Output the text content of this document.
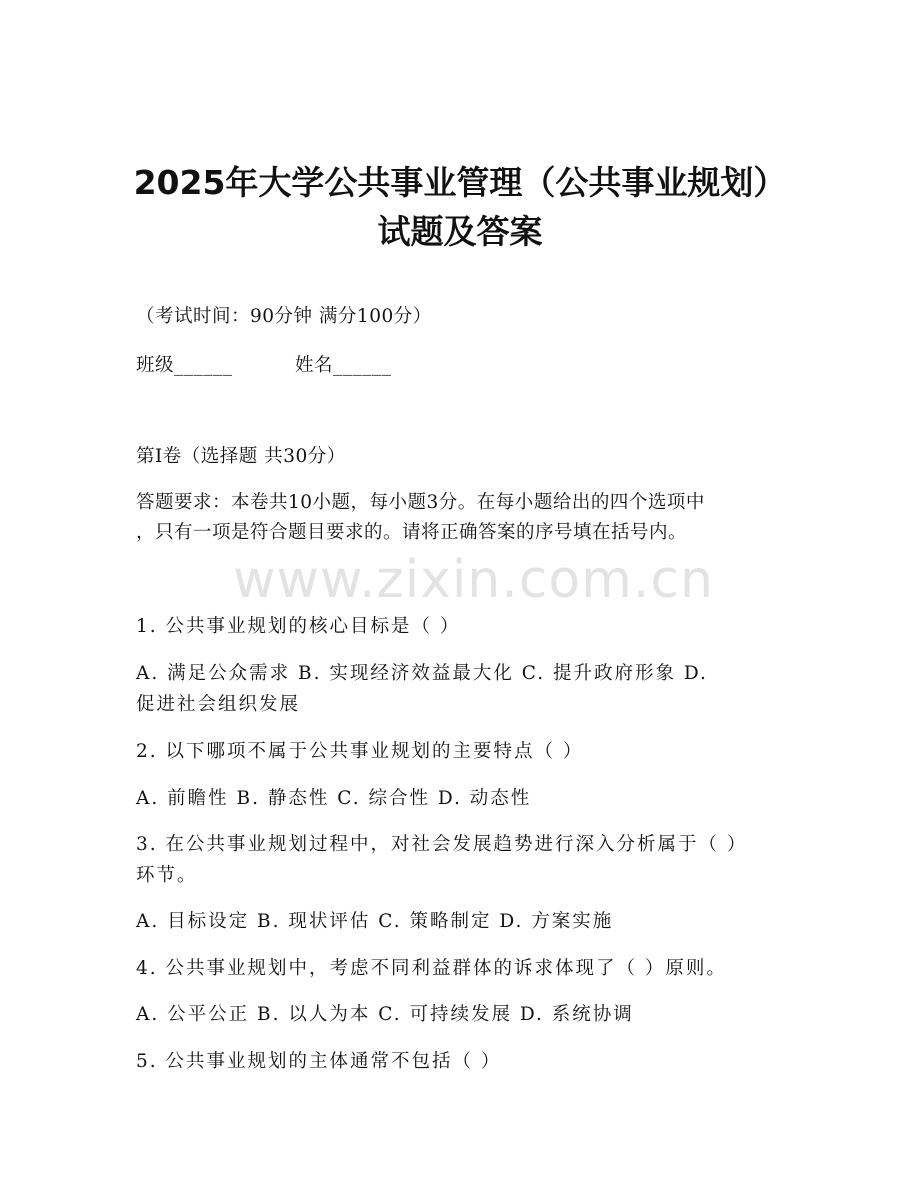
www.zixin.com.cn
2025年大学公共事业管理（公共事业规划）
试题及答案
（考试时间：90分钟 满分100分）
班级______	姓名______
第I卷（选择题 共30分）
答题要求：本卷共10小题，每小题3分。在每小题给出的四个选项中
，只有一项是符合题目要求的。请将正确答案的序号填在括号内。
1. 公共事业规划的核心目标是（ ）
A. 满足公众需求 B. 实现经济效益最大化 C. 提升政府形象 D.
促进社会组织发展
2. 以下哪项不属于公共事业规划的主要特点（ ）
A. 前瞻性 B. 静态性 C. 综合性 D. 动态性
3. 在公共事业规划过程中，对社会发展趋势进行深入分析属于（ ）
环节。
A. 目标设定 B. 现状评估 C. 策略制定 D. 方案实施
4. 公共事业规划中，考虑不同利益群体的诉求体现了（ ）原则。
A. 公平公正 B. 以人为本 C. 可持续发展 D. 系统协调
5. 公共事业规划的主体通常不包括（ ）
